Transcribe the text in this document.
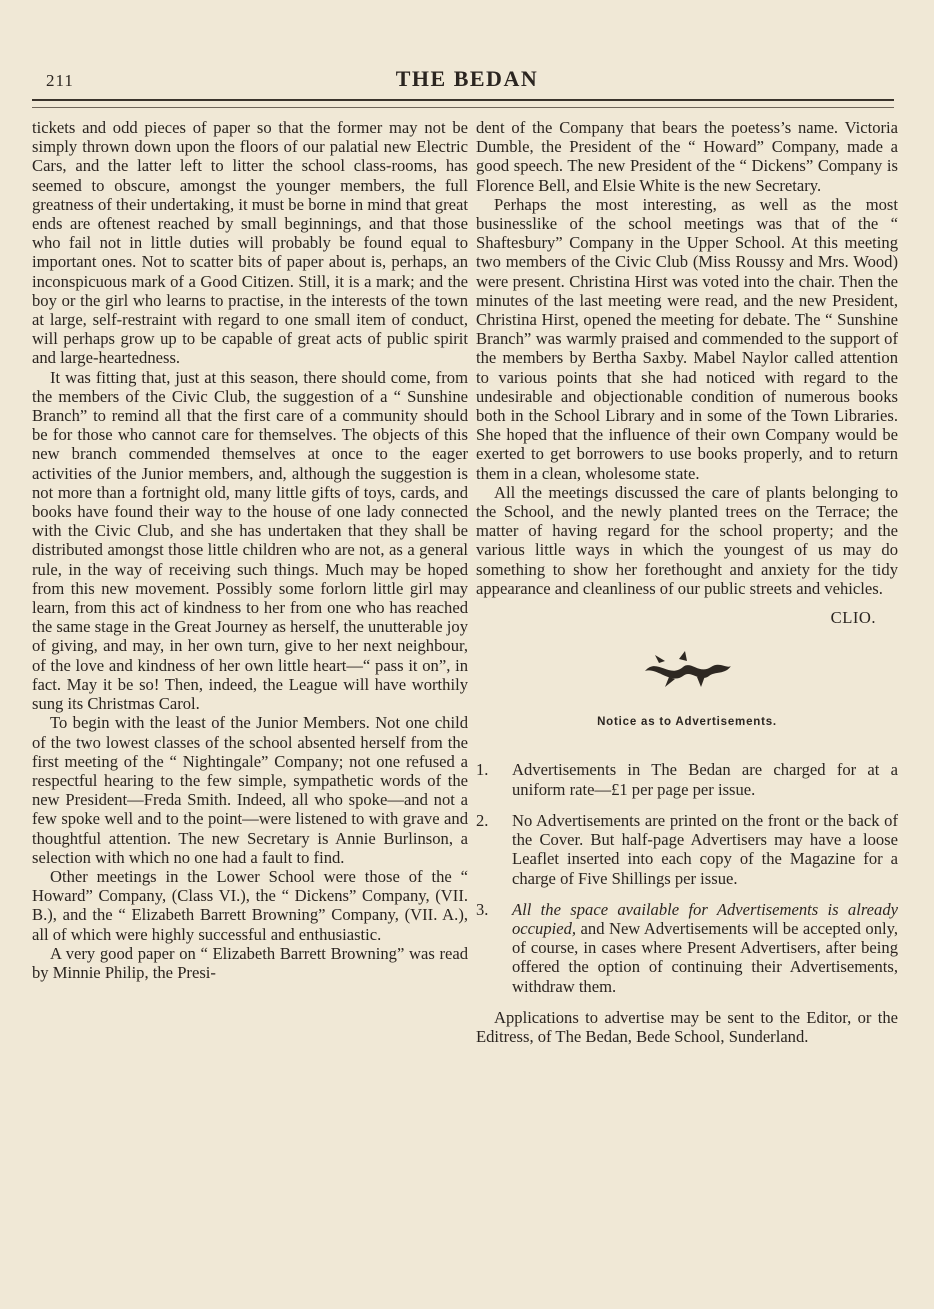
211	THE BEDAN

tickets and odd pieces of paper so that the former may not be simply thrown down upon the floors of our palatial new Electric Cars, and the latter left to litter the school class-rooms, has seemed to obscure, amongst the younger members, the full greatness of their undertaking, it must be borne in mind that great ends are oftenest reached by small beginnings, and that those who fail not in little duties will probably be found equal to important ones. Not to scatter bits of paper about is, perhaps, an inconspicuous mark of a Good Citizen. Still, it is a mark; and the boy or the girl who learns to practise, in the interests of the town at large, self-restraint with regard to one small item of conduct, will perhaps grow up to be capable of great acts of public spirit and large-heartedness.

It was fitting that, just at this season, there should come, from the members of the Civic Club, the suggestion of a “ Sunshine Branch” to remind all that the first care of a community should be for those who cannot care for themselves. The objects of this new branch commended themselves at once to the eager activities of the Junior members, and, although the suggestion is not more than a fortnight old, many little gifts of toys, cards, and books have found their way to the house of one lady connected with the Civic Club, and she has undertaken that they shall be distributed amongst those little children who are not, as a general rule, in the way of receiving such things. Much may be hoped from this new movement. Possibly some forlorn little girl may learn, from this act of kindness to her from one who has reached the same stage in the Great Journey as herself, the unutterable joy of giving, and may, in her own turn, give to her next neighbour, of the love and kindness of her own little heart—“ pass it on”, in fact. May it be so! Then, indeed, the League will have worthily sung its Christmas Carol.

To begin with the least of the Junior Members. Not one child of the two lowest classes of the school absented herself from the first meeting of the “ Nightingale” Company; not one refused a respectful hearing to the few simple, sympathetic words of the new President—Freda Smith. Indeed, all who spoke—and not a few spoke well and to the point—were listened to with grave and thoughtful attention. The new Secretary is Annie Burlinson, a selection with which no one had a fault to find.

Other meetings in the Lower School were those of the “ Howard” Company, (Class VI.), the “ Dickens” Company, (VII. B.), and the “ Elizabeth Barrett Browning” Company, (VII. A.), all of which were highly successful and enthusiastic.

A very good paper on “ Elizabeth Barrett Browning” was read by Minnie Philip, the Presi-

dent of the Company that bears the poetess’s name. Victoria Dumble, the President of the “ Howard” Company, made a good speech. The new President of the “ Dickens” Company is Florence Bell, and Elsie White is the new Secretary.

Perhaps the most interesting, as well as the most businesslike of the school meetings was that of the “ Shaftesbury” Company in the Upper School. At this meeting two members of the Civic Club (Miss Roussy and Mrs. Wood) were present. Christina Hirst was voted into the chair. Then the minutes of the last meeting were read, and the new President, Christina Hirst, opened the meeting for debate. The “ Sunshine Branch” was warmly praised and commended to the support of the members by Bertha Saxby. Mabel Naylor called attention to various points that she had noticed with regard to the undesirable and objectionable condition of numerous books both in the School Library and in some of the Town Libraries. She hoped that the influence of their own Company would be exerted to get borrowers to use books properly, and to return them in a clean, wholesome state.

All the meetings discussed the care of plants belonging to the School, and the newly planted trees on the Terrace; the matter of having regard for the school property; and the various little ways in which the youngest of us may do something to show her forethought and anxiety for the tidy appearance and cleanliness of our public streets and vehicles.

CLIO.
Notice as to Advertisements.
1.	Advertisements in The Bedan are charged for at a uniform rate—£1 per page per issue.
2.	No Advertisements are printed on the front or the back of the Cover. But half-page Advertisers may have a loose Leaflet inserted into each copy of the Magazine for a charge of Five Shillings per issue.
3.	All the space available for Advertisements is already occupied, and New Advertisements will be accepted only, of course, in cases where Present Advertisers, after being offered the option of continuing their Advertisements, withdraw them.

Applications to advertise may be sent to the Editor, or the Editress, of The Bedan, Bede School, Sunderland.
